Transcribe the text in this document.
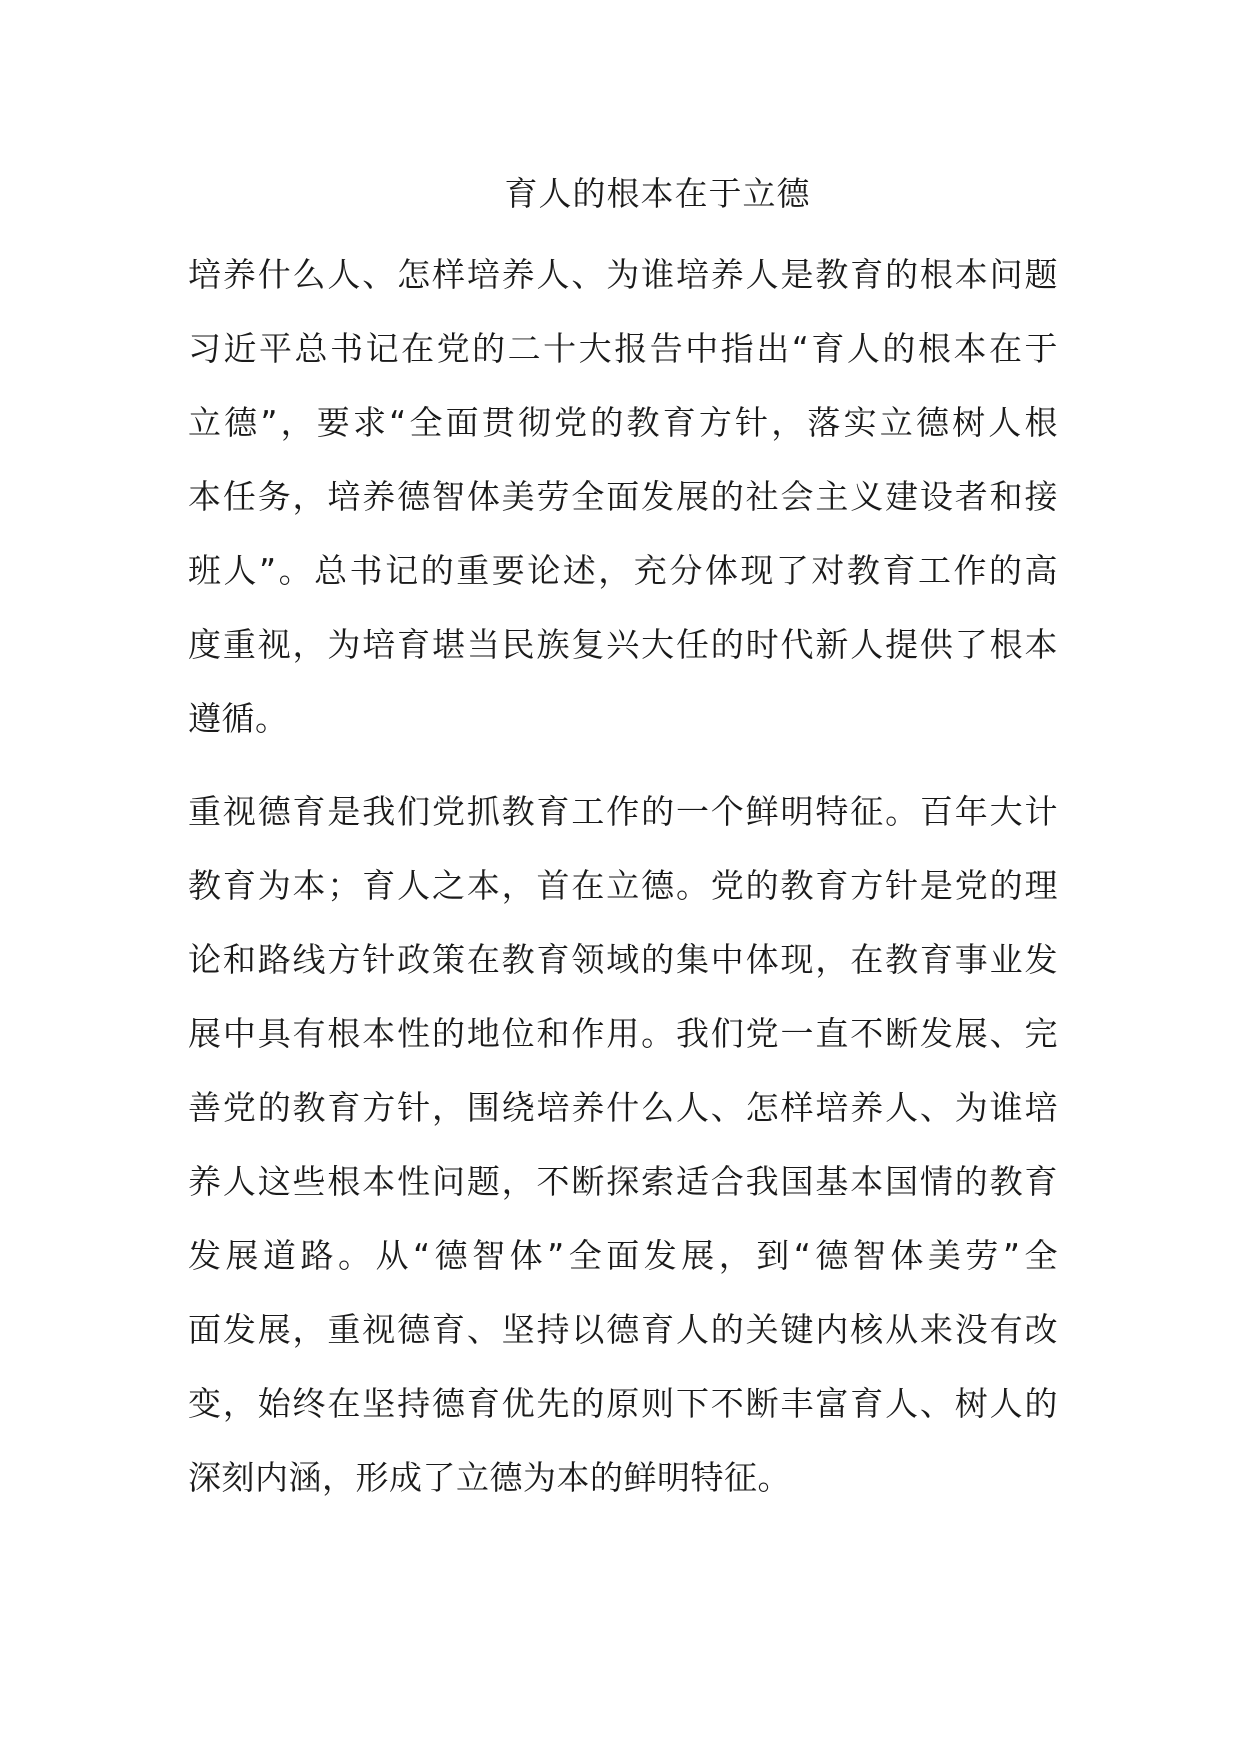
育人的根本在于立德

培养什么人、怎样培养人、为谁培养人是教育的根本问题
习近平总书记在党的二十大报告中指出“育人的根本在于
立德”，要求“全面贯彻党的教育方针，落实立德树人根
本任务，培养德智体美劳全面发展的社会主义建设者和接
班人”。总书记的重要论述，充分体现了对教育工作的高
度重视，为培育堪当民族复兴大任的时代新人提供了根本
遵循。

重视德育是我们党抓教育工作的一个鲜明特征。百年大计
教育为本；育人之本，首在立德。党的教育方针是党的理
论和路线方针政策在教育领域的集中体现，在教育事业发
展中具有根本性的地位和作用。我们党一直不断发展、完
善党的教育方针，围绕培养什么人、怎样培养人、为谁培
养人这些根本性问题，不断探索适合我国基本国情的教育
发展道路。从“德智体”全面发展，到“德智体美劳”全
面发展，重视德育、坚持以德育人的关键内核从来没有改
变，始终在坚持德育优先的原则下不断丰富育人、树人的
深刻内涵，形成了立德为本的鲜明特征。
